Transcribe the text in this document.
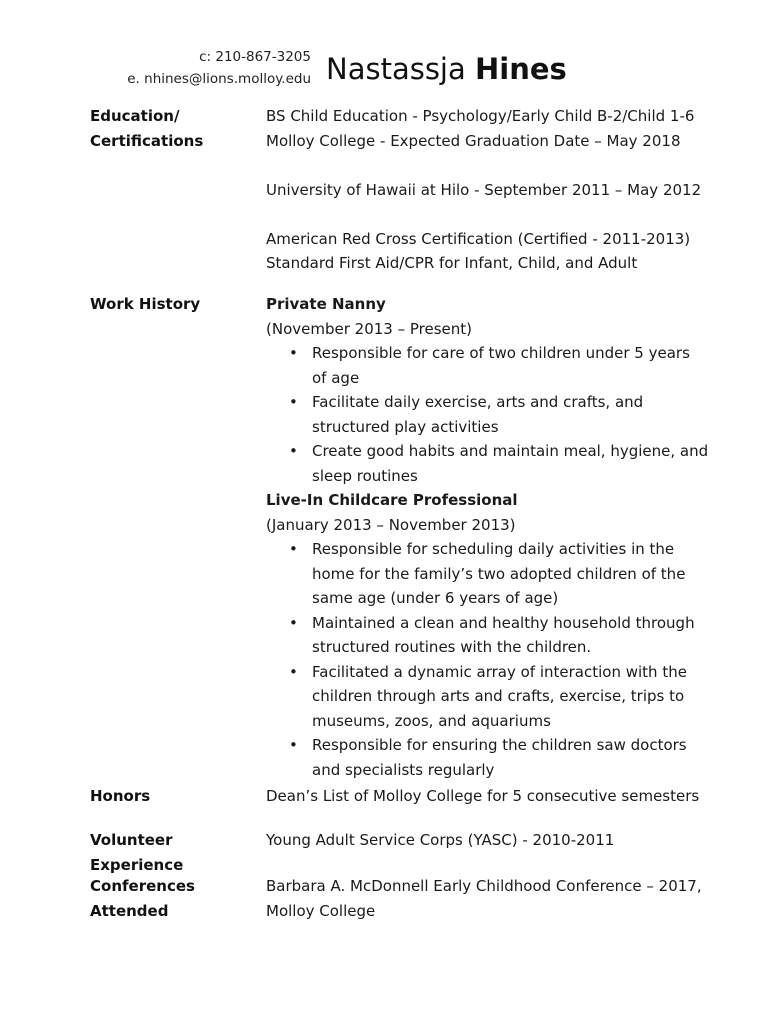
c: 210-867-3205
e. nhines@lions.molloy.edu Nastassja Hines
Education/
Certifications
BS Child Education - Psychology/Early Child B-2/Child 1-6
Molloy College - Expected Graduation Date – May 2018
University of Hawaii at Hilo - September 2011 – May 2012
American Red Cross Certification (Certified - 2011-2013)
Standard First Aid/CPR for Infant, Child, and Adult
Work History	Private Nanny
(November 2013 – Present)
• Responsible for care of two children under 5 years
of age
• Facilitate daily exercise, arts and crafts, and
structured play activities
• Create good habits and maintain meal, hygiene, and
sleep routines
Live-In Childcare Professional
(January 2013 – November 2013)
• Responsible for scheduling daily activities in the
home for the family’s two adopted children of the
same age (under 6 years of age)
• Maintained a clean and healthy household through
structured routines with the children.
• Facilitated a dynamic array of interaction with the
children through arts and crafts, exercise, trips to
museums, zoos, and aquariums
• Responsible for ensuring the children saw doctors
and specialists regularly
Honors	Dean’s List of Molloy College for 5 consecutive semesters
Volunteer Experience
Young Adult Service Corps (YASC) - 2010-2011
Conferences
Attended
Barbara A. McDonnell Early Childhood Conference – 2017,
Molloy College
